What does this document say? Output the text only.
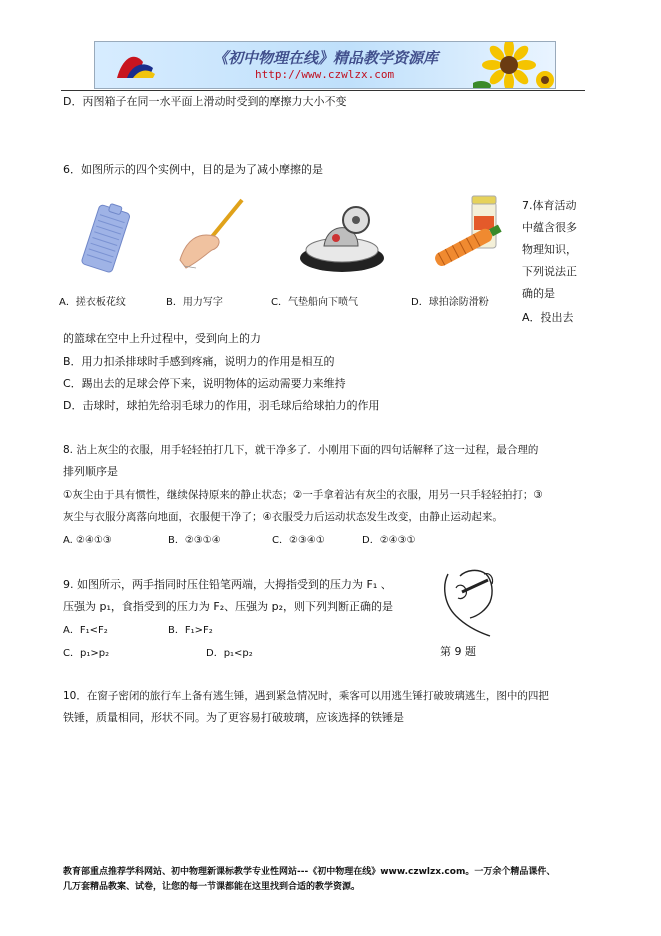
《初中物理在线》精品教学资源库
http://www.czwlzx.com
D．丙图箱子在同一水平面上滑动时受到的摩擦力大小不变
6．如图所示的四个实例中，目的是为了减小摩擦的是
A．搓衣板花纹	B．用力写字	C．气垫船向下喷气	D．球拍涂防滑粉
7.体育活动
中蕴含很多
物理知识，
下列说法正
确的是
A．投出去
的篮球在空中上升过程中，受到向上的力
B．用力扣杀排球时手感到疼痛，说明力的作用是相互的
C．踢出去的足球会停下来，说明物体的运动需要力来维持
D．击球时，球拍先给羽毛球力的作用，羽毛球后给球拍力的作用
8. 沾上灰尘的衣服，用手轻轻拍打几下，就干净多了．小刚用下面的四句话解释了这一过程，最合理的
排列顺序是
①灰尘由于具有惯性，继续保持原来的静止状态；②一手拿着沾有灰尘的衣服，用另一只手轻轻拍打；③
灰尘与衣服分离落向地面，衣服便干净了；④衣服受力后运动状态发生改变，由静止运动起来。
A. ②④①③	B．②③①④	C．②③④①	D．②④③①
9. 如图所示，两手指同时压住铅笔两端，大拇指受到的压力为 F₁ 、
压强为 p₁，食指受到的压力为 F₂、压强为 p₂，则下列判断正确的是
A．F₁<F₂	B．F₁>F₂
C．p₁>p₂	D．p₁<p₂	第 9 题
10．在窗子密闭的旅行车上备有逃生锤，遇到紧急情况时，乘客可以用逃生锤打破玻璃逃生，图中的四把
铁锤，质量相同，形状不同。为了更容易打破玻璃，应该选择的铁锤是
教育部重点推荐学科网站、初中物理新课标教学专业性网站---《初中物理在线》www.czwlzx.com。一万余个精品课件、
几万套精品教案、试卷，让您的每一节课都能在这里找到合适的教学资源。
